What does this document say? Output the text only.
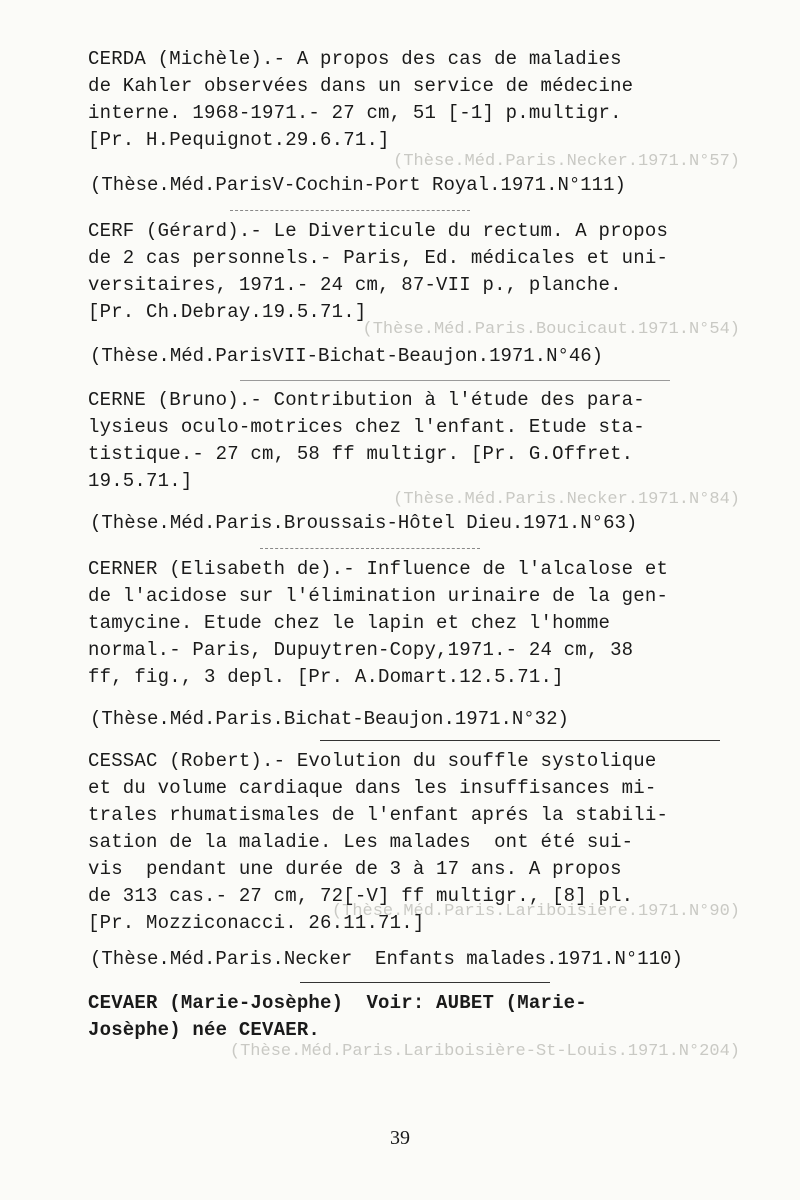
(Thèse.Méd.Paris.Necker.1971.N°57)
(Thèse.Méd.Paris.Boucicaut.1971.N°54)
(Thèse.Méd.Paris.Necker.1971.N°84)
(Thèse.Méd.Paris.Lariboisière.1971.N°90)
(Thèse.Méd.Paris.Lariboisière-St-Louis.1971.N°204)
CERDA (Michèle).- A propos des cas de maladies
de Kahler observées dans un service de médecine
interne. 1968-1971.- 27 cm, 51 [-1] p.multigr.
[Pr. H.Pequignot.29.6.71.]
(Thèse.Méd.ParisV-Cochin-Port Royal.1971.N°111)
CERF (Gérard).- Le Diverticule du rectum. A propos
de 2 cas personnels.- Paris, Ed. médicales et uni-
versitaires, 1971.- 24 cm, 87-VII p., planche.
[Pr. Ch.Debray.19.5.71.]
(Thèse.Méd.ParisVII-Bichat-Beaujon.1971.N°46)
CERNE (Bruno).- Contribution à l'étude des para-
lysieus oculo-motrices chez l'enfant. Etude sta-
tistique.- 27 cm, 58 ff multigr. [Pr. G.Offret.
19.5.71.]
(Thèse.Méd.Paris.Broussais-Hôtel Dieu.1971.N°63)
CERNER (Elisabeth de).- Influence de l'alcalose et
de l'acidose sur l'élimination urinaire de la gen-
tamycine. Etude chez le lapin et chez l'homme
normal.- Paris, Dupuytren-Copy,1971.- 24 cm, 38
ff, fig., 3 depl. [Pr. A.Domart.12.5.71.]
(Thèse.Méd.Paris.Bichat-Beaujon.1971.N°32)
CESSAC (Robert).- Evolution du souffle systolique
et du volume cardiaque dans les insuffisances mi-
trales rhumatismales de l'enfant aprés la stabili-
sation de la maladie. Les malades  ont été sui-
vis  pendant une durée de 3 à 17 ans. A propos
de 313 cas.- 27 cm, 72[-V] ff multigr., [8] pl.
[Pr. Mozziconacci. 26.11.71.]
(Thèse.Méd.Paris.Necker  Enfants malades.1971.N°110)
CEVAER (Marie-Josèphe)  Voir: AUBET (Marie-
Josèphe) née CEVAER.
39
